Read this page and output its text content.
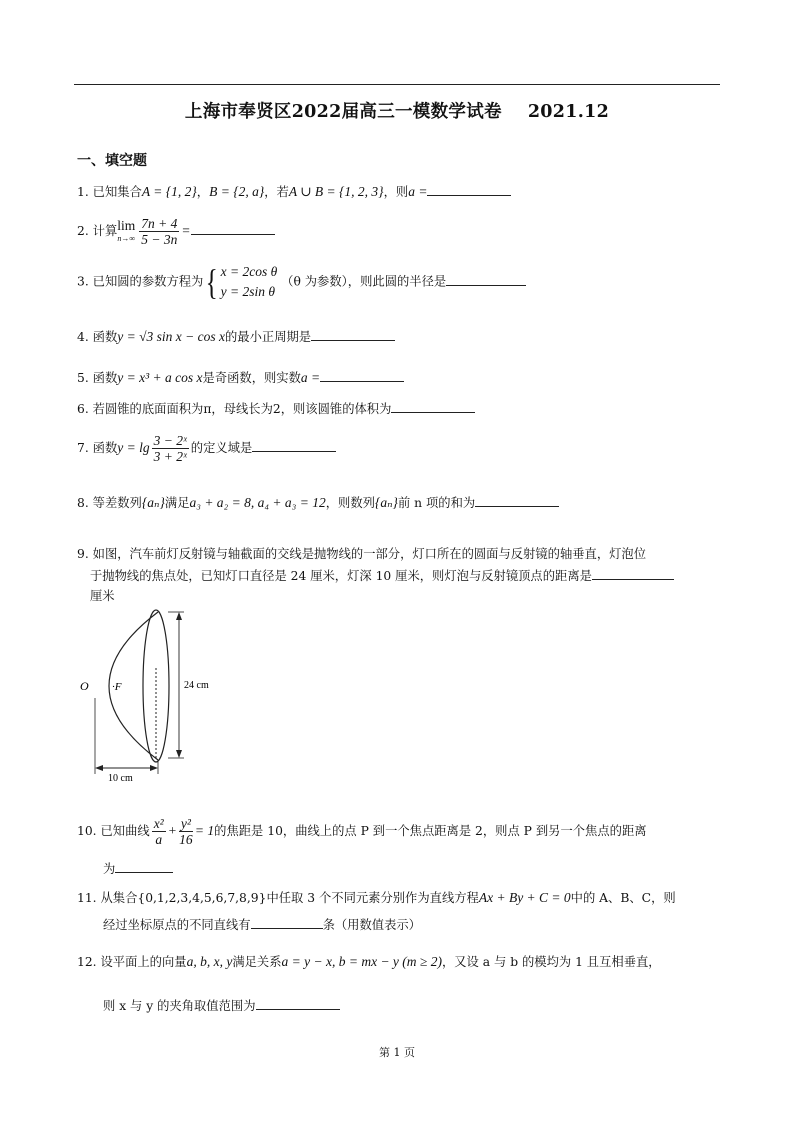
上海市奉贤区2022届高三一模数学试卷 2021.12
一、填空题
1. 已知集合A = {1, 2}，B = {2, a}，若A ∪ B = {1, 2, 3}，则a =
2. 计算 lim
$n\to\infty \frac{7n + 4}{5 - 3n}$ =
3. 已知圆的参数方程为{ x = 2cos θ
y = 2sin θ
（θ 为参数），则此圆的半径是
4. 函数y = √3 sin x − cos x的最小正周期是
5. 函数y = x³ + a cos x是奇函数，则实数a =
6. 若圆锥的底面面积为π，母线长为2，则该圆锥的体积为
7. 函数$y = \lg \frac{\text{3 − 2ˣ}}{\text{3 + 2ˣ}}$ 的定义域是
8. 等差数列{aₙ}满足a₃ + a₂ = 8, a₄ + a₃ = 12，则数列{aₙ}前 n 项的和为
9. 如图，汽车前灯反射镜与轴截面的交线是抛物线的一部分，灯口所在的圆面与反射镜的轴垂直，灯泡位
于抛物线的焦点处，已知灯口直径是 24 厘米，灯深 10 厘米，则灯泡与反射镜顶点的距离是
厘米
O ·F	24 cm
10 cm
10. 已知曲线 $\frac{\text{x²}}{a} + \frac{\text{y²}}{16} = 1$的焦距是 10，曲线上的点 P 到一个焦点距离是 2，则点 P 到另一个焦点的距离
为
11. 从集合{0,1,2,3,4,5,6,7,8,9}中任取 3 个不同元素分别作为直线方程Ax + By + C = 0中的 A、B、C，则
经过坐标原点的不同直线有	条（用数值表示）
12. 设平面上的向量a, b, x, y满足关系a = y − x, b = mx − y (m ≥ 2)，又设 a 与 b 的模均为 1 且互相垂直，
则 x 与 y 的夹角取值范围为
第 1 页
